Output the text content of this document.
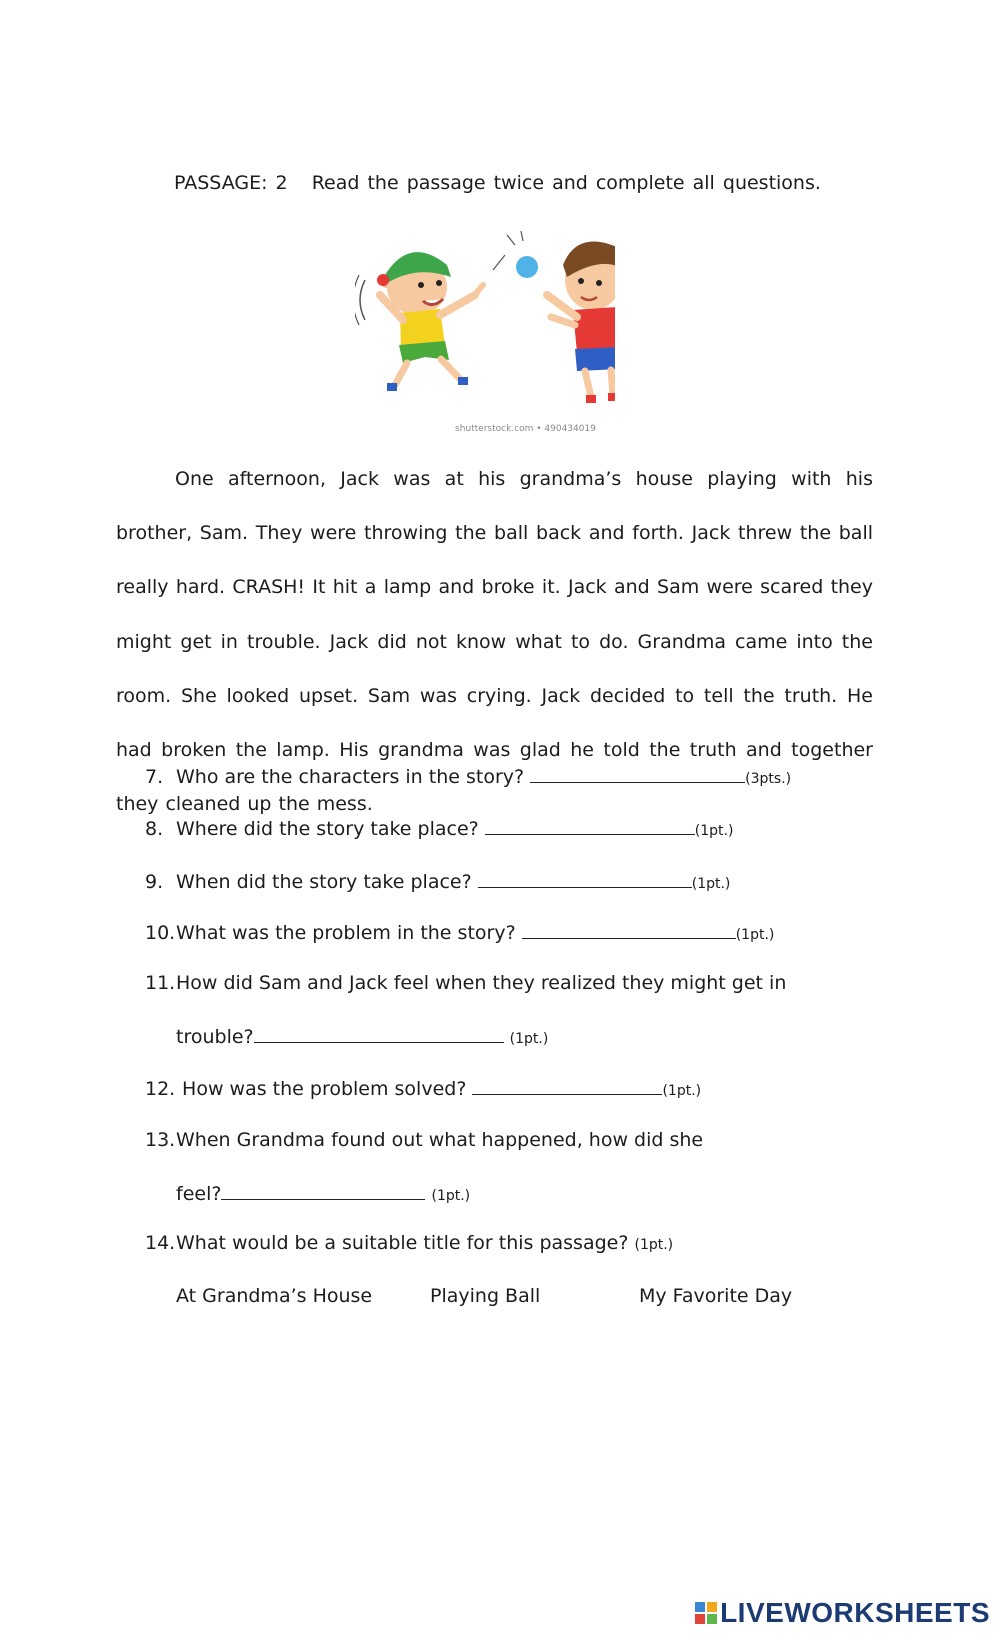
PASSAGE: 2 Read the passage twice and complete all questions.
shutterstock.com • 490434019
One afternoon, Jack was at his grandma’s house playing with his brother, Sam. They were throwing the ball back and forth. Jack threw the ball really hard. CRASH! It hit a lamp and broke it. Jack and Sam were scared they might get in trouble. Jack did not know what to do. Grandma came into the room. She looked upset. Sam was crying. Jack decided to tell the truth. He had broken the lamp. His grandma was glad he told the truth and together they cleaned up the mess.
7. Who are the characters in the story?	(3pts.)
8. Where did the story take place?	(1pt.)
9. When did the story take place?	(1pt.)
10.What was the problem in the story?	(1pt.)
11.How did Sam and Jack feel when they realized they might get in
trouble?	(1pt.)
12. How was the problem solved?	(1pt.)
13.When Grandma found out what happened, how did she
feel?	(1pt.)
14.What would be a suitable title for this passage? (1pt.)
At Grandma’s House	Playing Ball	My Favorite Day
LIVEWORKSHEETS
